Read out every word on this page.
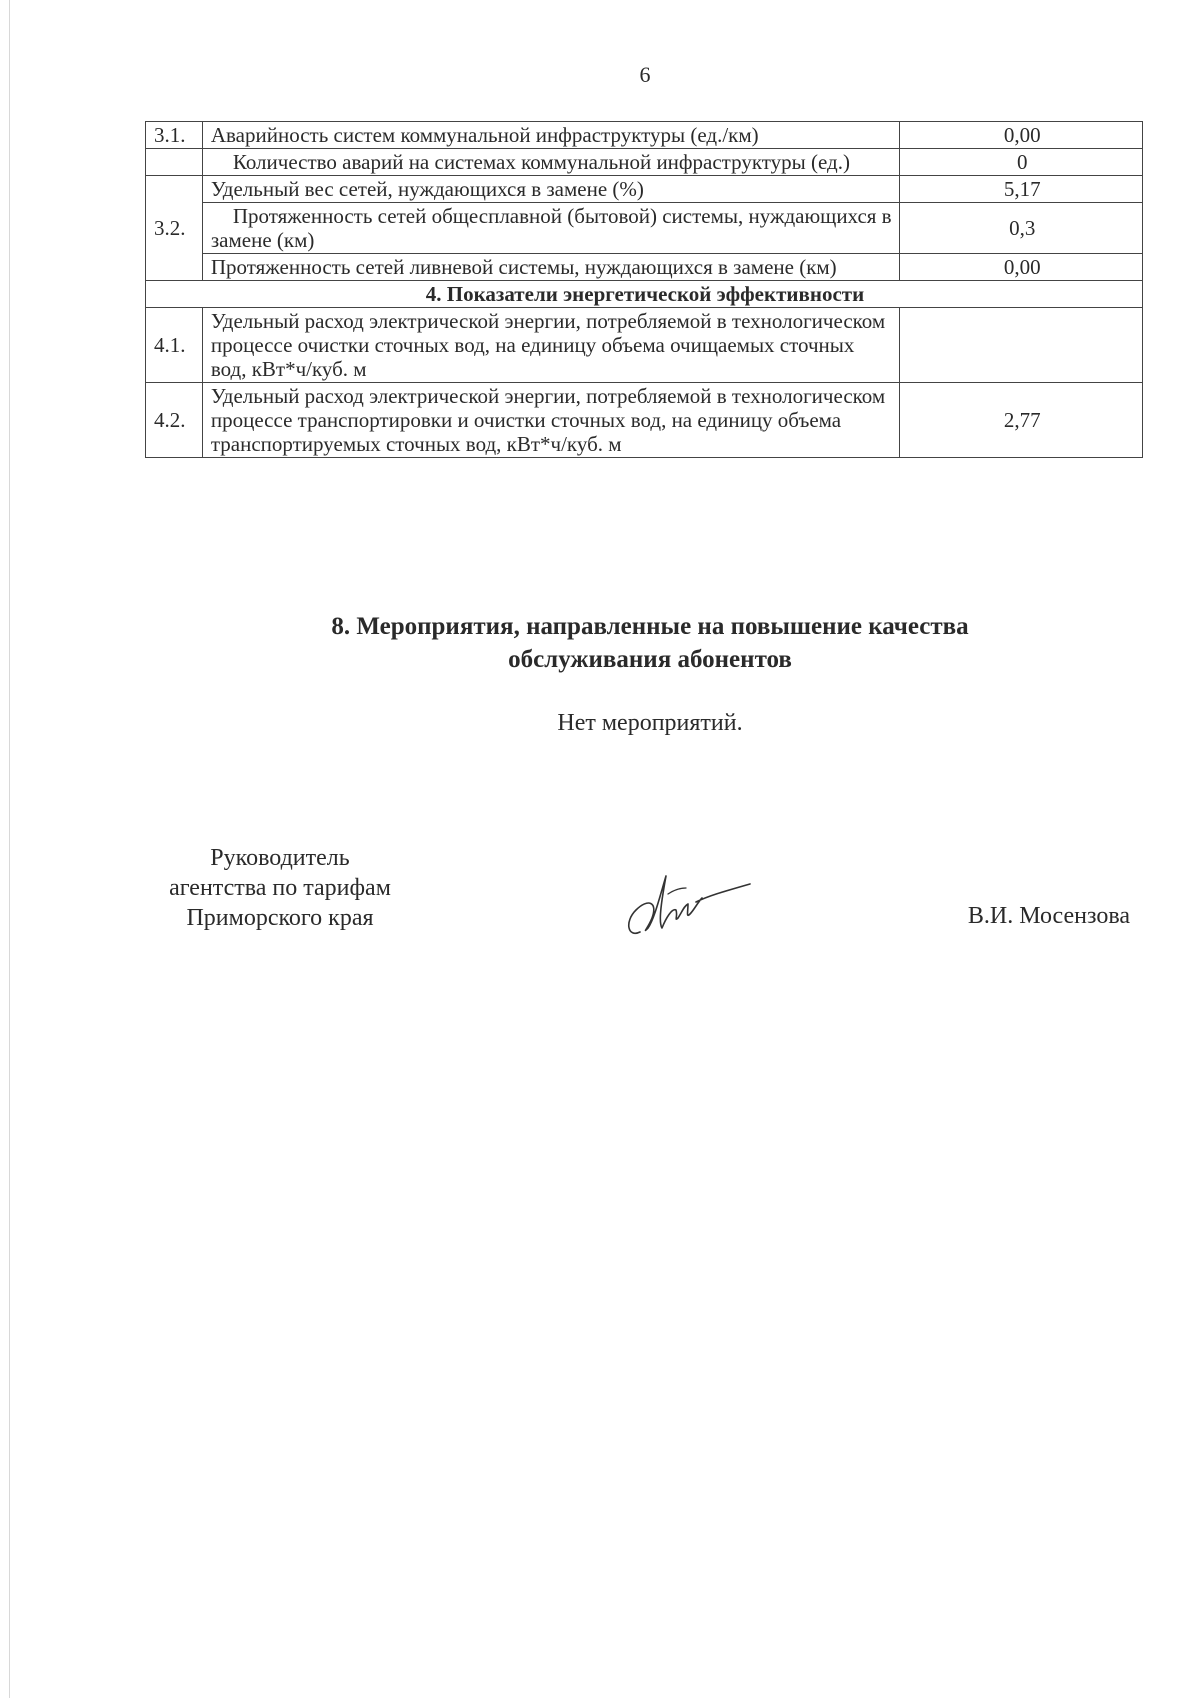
6
3.1.	Аварийность систем коммунальной инфраструктуры (ед./км)	0,00
	Количество аварий на системах коммунальной инфраструктуры (ед.)	0
3.2.	Удельный вес сетей, нуждающихся в замене (%)	5,17
	Протяженность сетей общесплавной (бытовой) системы, нуждающихся в замене (км)	0,3
	Протяженность сетей ливневой системы, нуждающихся в замене (км)	0,00
4. Показатели энергетической эффективности		
4.1.	Удельный расход электрической энергии, потребляемой в технологическом процессе очистки сточных вод, на единицу объема очищаемых сточных вод, кВт*ч/куб. м	
4.2.	Удельный расход электрической энергии, потребляемой в технологическом процессе транспортировки и очистки сточных вод, на единицу объема транспортируемых сточных вод, кВт*ч/куб. м	2,77
8. Мероприятия, направленные на повышение качества
обслуживания абонентов
Нет мероприятий.
Руководитель
агентства по тарифам
Приморского края	В.И. Мосензова
